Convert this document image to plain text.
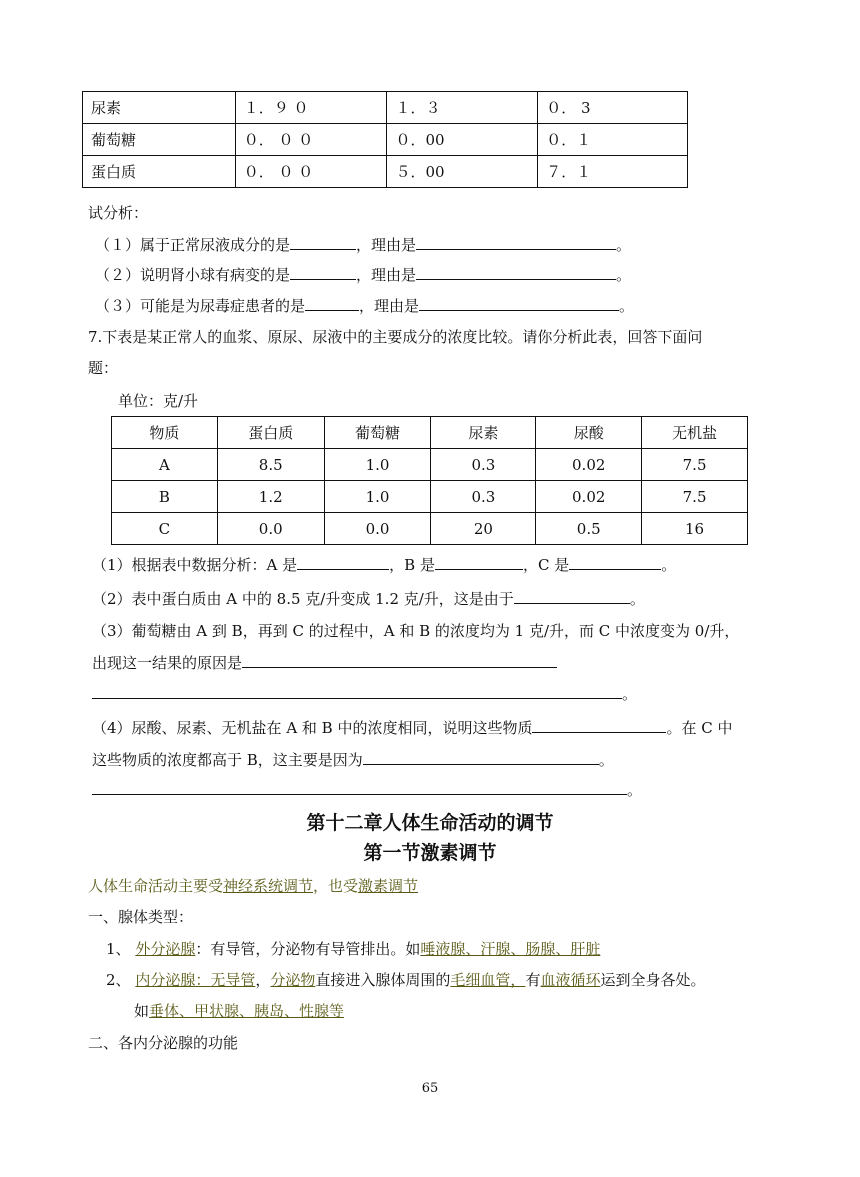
尿素	１．９ ０	１．３	０． 3
葡萄糖	０． ０ ０	０．00	０．１
蛋白质	０． ０ ０	５．00	７．１
试分析：
（１）属于正常尿液成分的是	，理由是	。
（２）说明肾小球有病变的是	，理由是	。
（３）可能是为尿毒症患者的是	，理由是	。
7.下表是某正常人的血浆、原尿、尿液中的主要成分的浓度比较。请你分析此表，回答下面问
题：
单位：克/升
物质	蛋白质	葡萄糖	尿素	尿酸	无机盐
A	8.5	1.0	0.3	0.02	7.5
B	1.2	1.0	0.3	0.02	7.5
C	0.0	0.0	20	0.5	16
（1）根据表中数据分析：A 是	，B 是	，C 是	。
（2）表中蛋白质由 A 中的 8.5 克/升变成 1.2 克/升，这是由于	。
（3）葡萄糖由 A 到 B，再到 C 的过程中，A 和 B 的浓度均为 1 克/升，而 C 中浓度变为 0/升，
出现这一结果的原因是
。
（4）尿酸、尿素、无机盐在 A 和 B 中的浓度相同，说明这些物质	。在 C 中
这些物质的浓度都高于 B，这主要是因为	。
。
第十二章人体生命活动的调节
第一节激素调节
人体生命活动主要受神经系统调节，也受激素调节
一、腺体类型：
1、 外分泌腺：有导管，分泌物有导管排出。如唾液腺、汗腺、肠腺、肝脏
2、 内分泌腺：无导管，分泌物直接进入腺体周围的毛细血管，有血液循环运到全身各处。
如垂体、甲状腺、胰岛、性腺等
二、各内分泌腺的功能
65
